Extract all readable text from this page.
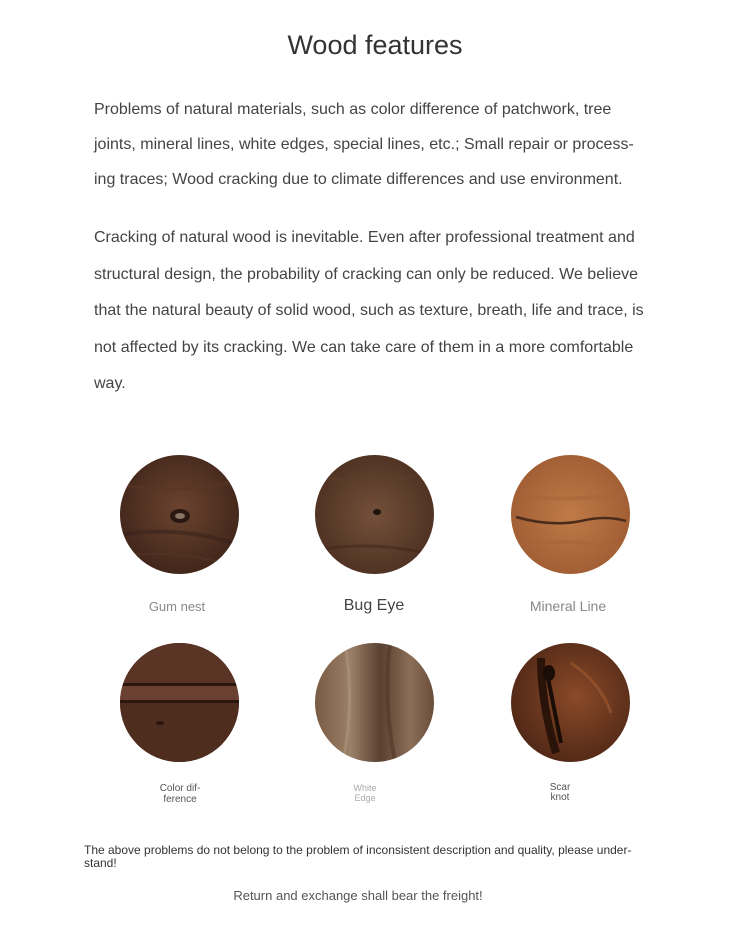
Wood features

Problems of natural materials, such as color difference of patchwork, tree joints, mineral lines, white edges, special lines, etc.; Small repair or process-ing traces; Wood cracking due to climate differences and use environment.

Cracking of natural wood is inevitable. Even after professional treatment and structural design, the probability of cracking can only be reduced. We believe that the natural beauty of solid wood, such as texture, breath, life and trace, is not affected by its cracking. We can take care of them in a more comfortable way.

Gum nest	Bug Eye	Mineral Line
Color dif-ference
White Edge
Scar knot

The above problems do not belong to the problem of inconsistent description and quality, please under-stand!

Return and exchange shall bear the freight!
